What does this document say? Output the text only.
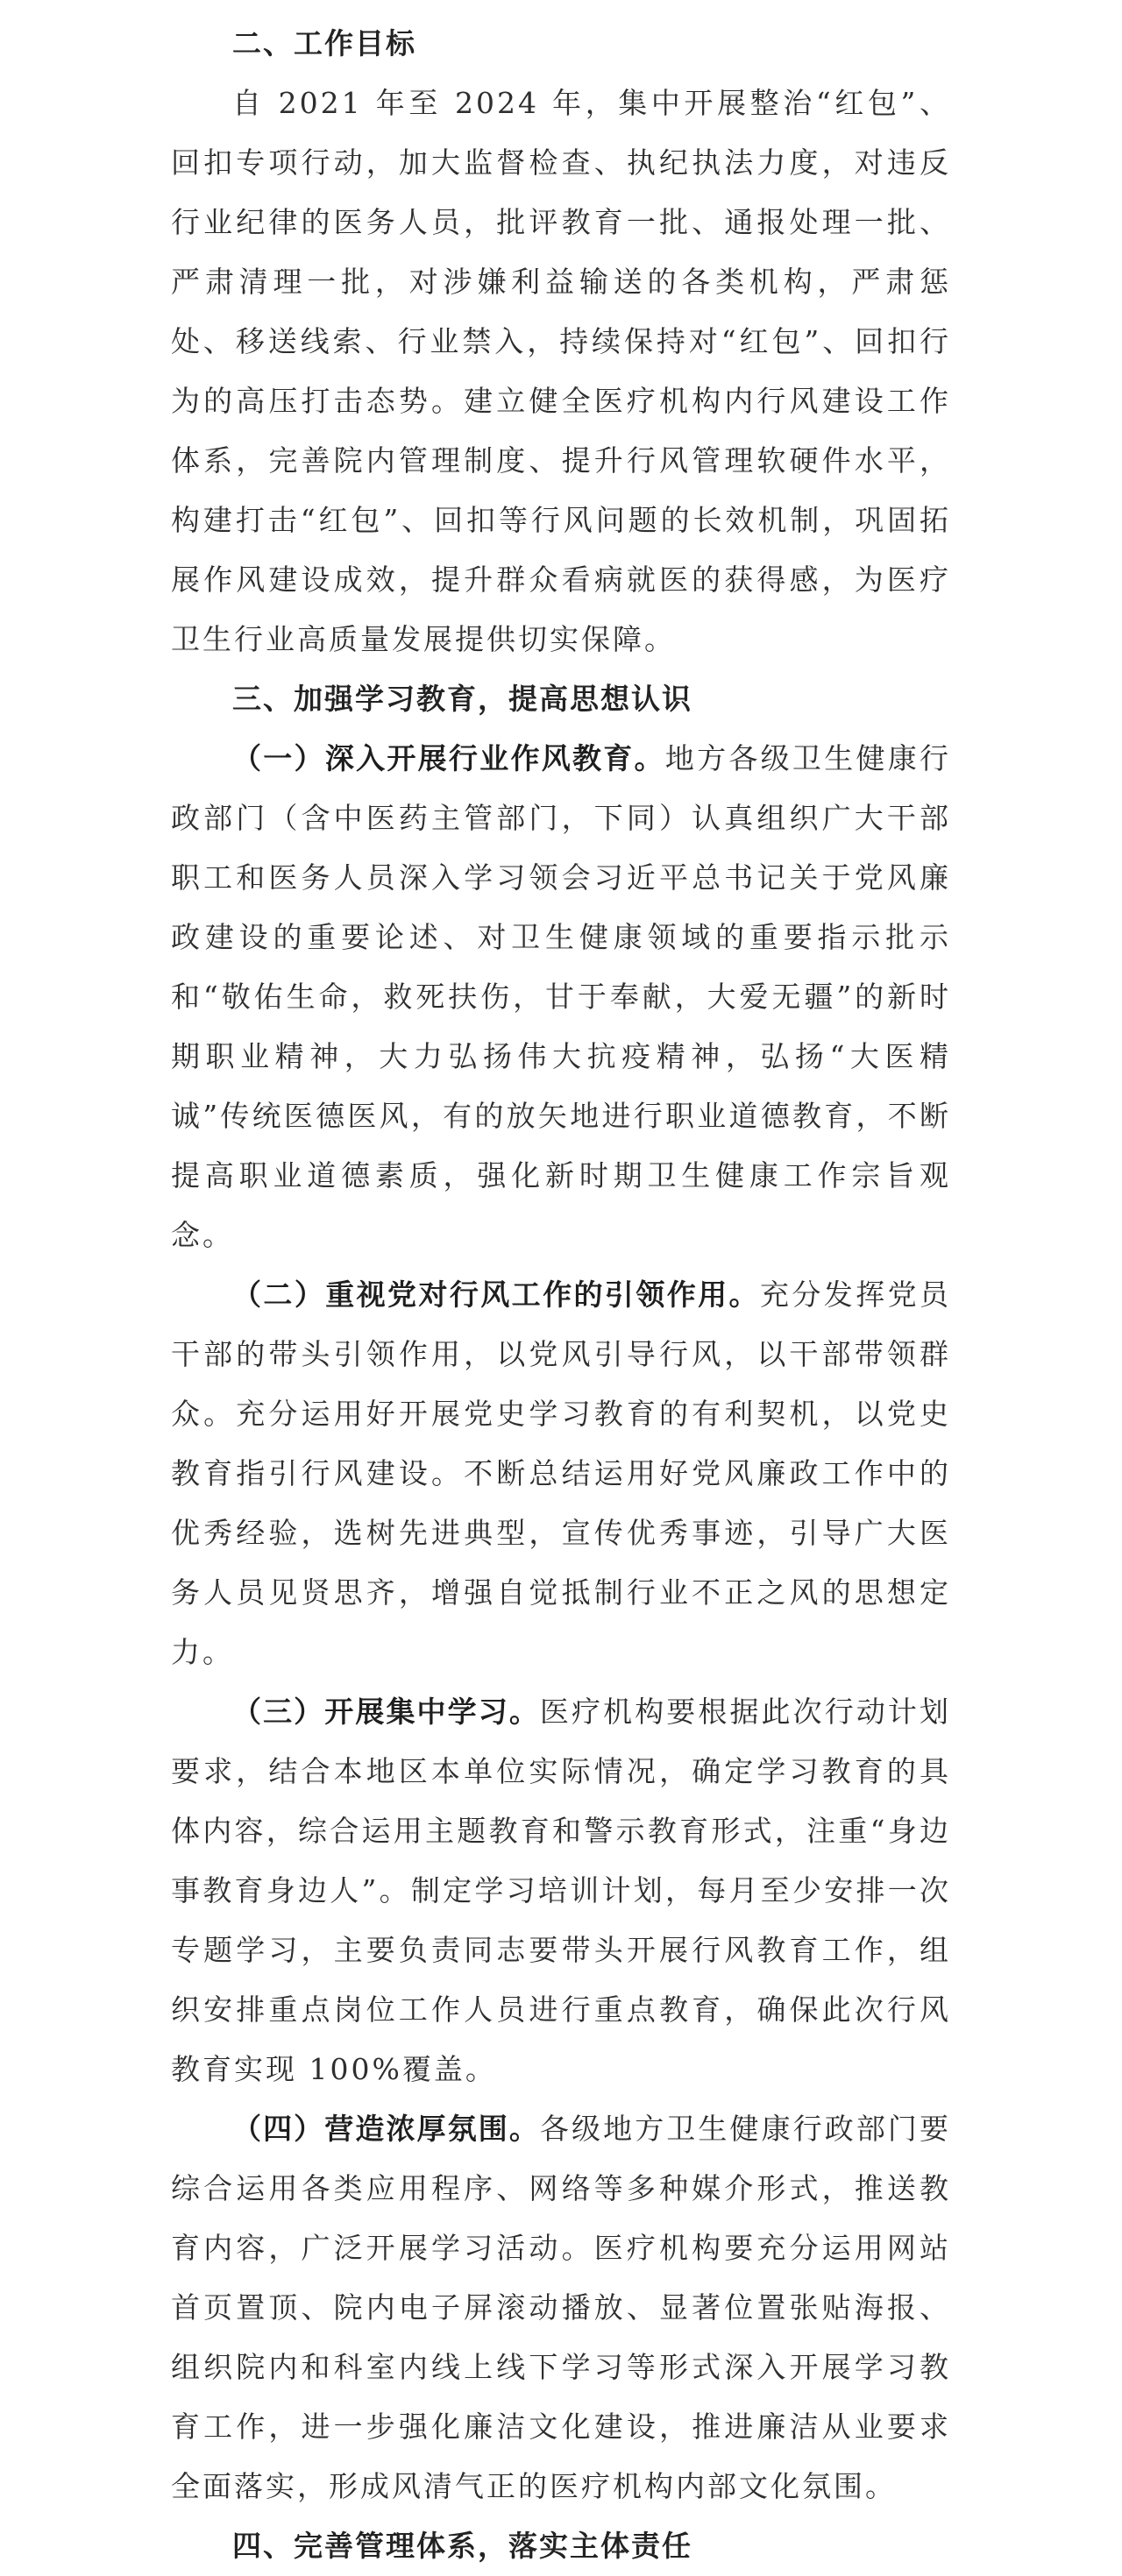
二、工作目标

自 2021 年至 2024 年，集中开展整治“红包”、回扣专项行动，加大监督检查、执纪执法力度，对违反行业纪律的医务人员，批评教育一批、通报处理一批、严肃清理一批，对涉嫌利益输送的各类机构，严肃惩处、移送线索、行业禁入，持续保持对“红包”、回扣行为的高压打击态势。建立健全医疗机构内行风建设工作体系，完善院内管理制度、提升行风管理软硬件水平，构建打击“红包”、回扣等行风问题的长效机制，巩固拓展作风建设成效，提升群众看病就医的获得感，为医疗卫生行业高质量发展提供切实保障。

三、加强学习教育，提高思想认识

（一）深入开展行业作风教育。地方各级卫生健康行政部门（含中医药主管部门，下同）认真组织广大干部职工和医务人员深入学习领会习近平总书记关于党风廉政建设的重要论述、对卫生健康领域的重要指示批示和“敬佑生命，救死扶伤，甘于奉献，大爱无疆”的新时期职业精神，大力弘扬伟大抗疫精神，弘扬“大医精诚”传统医德医风，有的放矢地进行职业道德教育，不断提高职业道德素质，强化新时期卫生健康工作宗旨观念。

（二）重视党对行风工作的引领作用。充分发挥党员干部的带头引领作用，以党风引导行风，以干部带领群众。充分运用好开展党史学习教育的有利契机，以党史教育指引行风建设。不断总结运用好党风廉政工作中的优秀经验，选树先进典型，宣传优秀事迹，引导广大医务人员见贤思齐，增强自觉抵制行业不正之风的思想定力。

（三）开展集中学习。医疗机构要根据此次行动计划要求，结合本地区本单位实际情况，确定学习教育的具体内容，综合运用主题教育和警示教育形式，注重“身边事教育身边人”。制定学习培训计划，每月至少安排一次专题学习，主要负责同志要带头开展行风教育工作，组织安排重点岗位工作人员进行重点教育，确保此次行风教育实现 100%覆盖。

（四）营造浓厚氛围。各级地方卫生健康行政部门要综合运用各类应用程序、网络等多种媒介形式，推送教育内容，广泛开展学习活动。医疗机构要充分运用网站首页置顶、院内电子屏滚动播放、显著位置张贴海报、组织院内和科室内线上线下学习等形式深入开展学习教育工作，进一步强化廉洁文化建设，推进廉洁从业要求全面落实，形成风清气正的医疗机构内部文化氛围。

四、完善管理体系，落实主体责任
